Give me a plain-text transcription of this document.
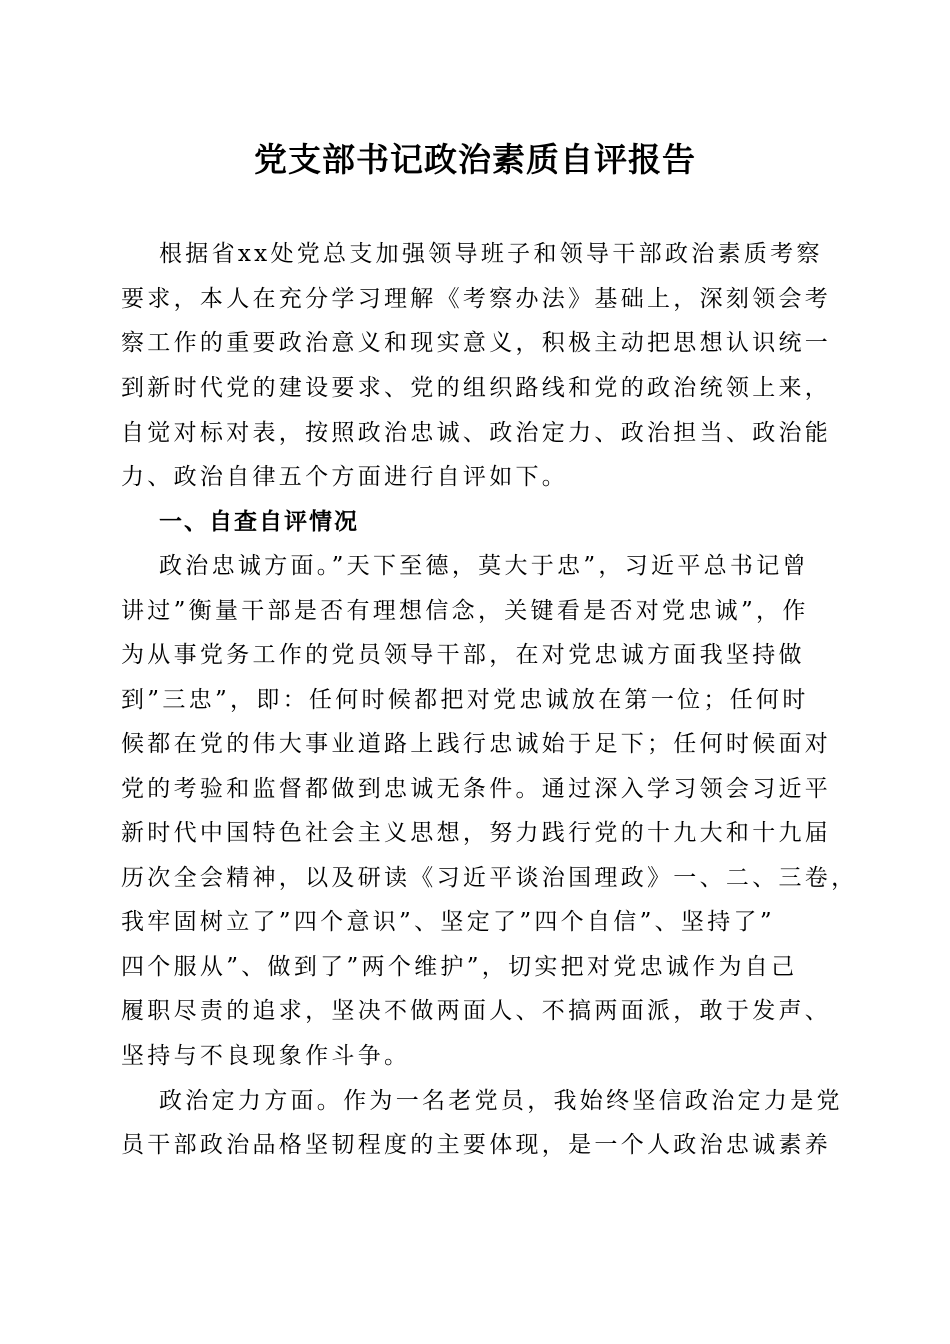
党支部书记政治素质自评报告
根据省xx处党总支加强领导班子和领导干部政治素质考察
要求，本人在充分学习理解《考察办法》基础上，深刻领会考
察工作的重要政治意义和现实意义，积极主动把思想认识统一
到新时代党的建设要求、党的组织路线和党的政治统领上来，
自觉对标对表，按照政治忠诚、政治定力、政治担当、政治能
力、政治自律五个方面进行自评如下。
一、自查自评情况
政治忠诚方面。”天下至德，莫大于忠”，习近平总书记曾
讲过”衡量干部是否有理想信念，关键看是否对党忠诚”，作
为从事党务工作的党员领导干部，在对党忠诚方面我坚持做
到”三忠”，即：任何时候都把对党忠诚放在第一位；任何时
候都在党的伟大事业道路上践行忠诚始于足下；任何时候面对
党的考验和监督都做到忠诚无条件。通过深入学习领会习近平
新时代中国特色社会主义思想，努力践行党的十九大和十九届
历次全会精神，以及研读《习近平谈治国理政》一、二、三卷，
我牢固树立了”四个意识”、坚定了”四个自信”、坚持了”
四个服从”、做到了”两个维护”，切实把对党忠诚作为自己
履职尽责的追求，坚决不做两面人、不搞两面派，敢于发声、
坚持与不良现象作斗争。
政治定力方面。作为一名老党员，我始终坚信政治定力是党
员干部政治品格坚韧程度的主要体现，是一个人政治忠诚素养
